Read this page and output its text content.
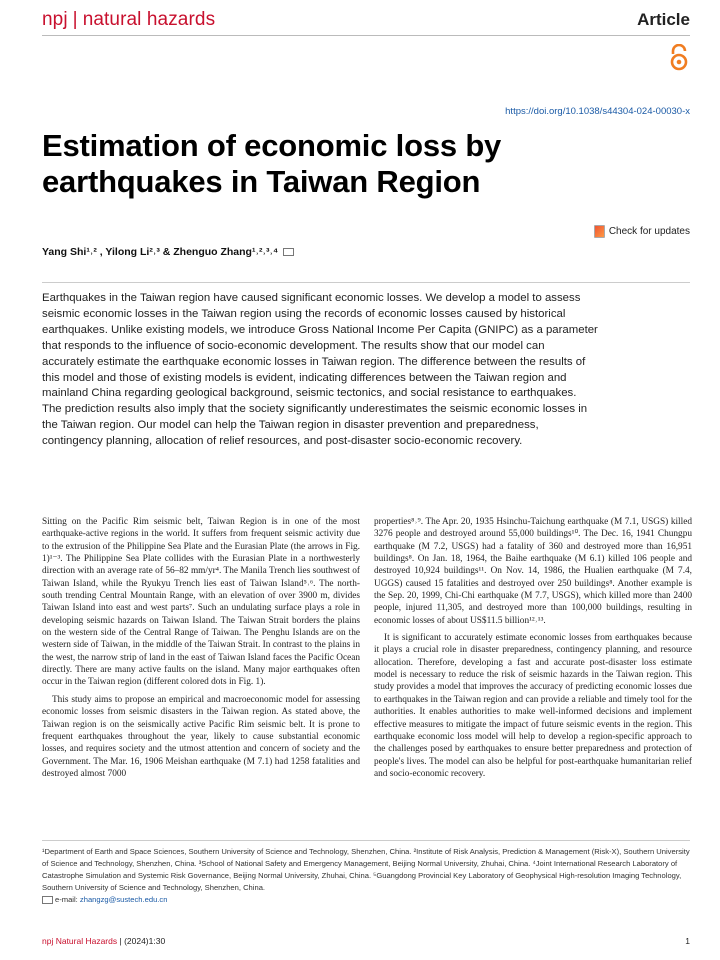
npj | natural hazards	Article
https://doi.org/10.1038/s44304-024-00030-x
Estimation of economic loss by earthquakes in Taiwan Region
Check for updates
Yang Shi¹˒² , Yilong Li²˒³ & Zhenguo Zhang¹˒²˒³˒⁴

Earthquakes in the Taiwan region have caused significant economic losses. We develop a model to assess seismic economic losses in the Taiwan region using the records of economic losses caused by historical earthquakes. Unlike existing models, we introduce Gross National Income Per Capita (GNIPC) as a parameter that responds to the influence of socio-economic development. The results show that our model can accurately estimate the earthquake economic losses in Taiwan region. The difference between the results of this model and those of existing models is evident, indicating differences between the Taiwan region and mainland China regarding geological background, seismic tectonics, and social resistance to earthquakes. The prediction results also imply that the society significantly underestimates the seismic economic losses in the Taiwan region. Our model can help the Taiwan region in disaster prevention and preparedness, contingency planning, allocation of relief resources, and post-disaster socio-economic recovery.

Sitting on the Pacific Rim seismic belt, Taiwan Region is in one of the most earthquake-active regions in the world. It suffers from frequent seismic activity due to the extrusion of the Philippine Sea Plate and the Eurasian Plate (the arrows in Fig. 1)¹⁻³. The Philippine Sea Plate collides with the Eurasian Plate in a northwesterly direction with an average rate of 56–82 mm/yr⁴. The Manila Trench lies southwest of Taiwan Island, while the Ryukyu Trench lies east of Taiwan Island⁵˒⁶. The north-south trending Central Mountain Range, with an elevation of over 3900 m, divides Taiwan Island into east and west parts⁷. Such an undulating surface plays a role in developing seismic hazards on Taiwan Island. The Taiwan Strait borders the plains on the western side of the Central Range of Taiwan. The Penghu Islands are on the western side of Taiwan, in the middle of the Taiwan Strait. In contrast to the plains in the west, the narrow strip of land in the east of Taiwan Island faces the Pacific Ocean directly. There are many active faults on the island. Many major earthquakes often occur in the Taiwan region (different colored dots in Fig. 1).

This study aims to propose an empirical and macroeconomic model for assessing economic losses from seismic disasters in the Taiwan region. As stated above, the Taiwan region is on the seismically active Pacific Rim seismic belt. It is prone to frequent earthquakes throughout the year, likely to cause substantial economic losses, and requires society and the utmost attention and concern of society and the Government. The Mar. 16, 1906 Meishan earthquake (M 7.1) had 1258 fatalities and destroyed almost 7000

properties⁸˒⁹. The Apr. 20, 1935 Hsinchu-Taichung earthquake (M 7.1, USGS) killed 3276 people and destroyed around 55,000 buildings¹⁰. The Dec. 16, 1941 Chungpu earthquake (M 7.2, USGS) had a fatality of 360 and destroyed more than 16,951 buildings⁸. On Jan. 18, 1964, the Baihe earthquake (M 6.1) killed 106 people and destroyed 10,924 buildings¹¹. On Nov. 14, 1986, the Hualien earthquake (M 7.4, UGGS) caused 15 fatalities and destroyed over 250 buildings⁸. Another example is the Sep. 20, 1999, Chi-Chi earthquake (M 7.7, USGS), which killed more than 2400 people, injured 11,305, and destroyed more than 100,000 buildings, resulting in economic losses of about US$11.5 billion¹²˒¹³.

It is significant to accurately estimate economic losses from earthquakes because it plays a crucial role in disaster preparedness, contingency planning, and resource allocation. Therefore, developing a fast and accurate post-disaster loss estimate model is necessary to reduce the risk of seismic hazards in the Taiwan region. This study provides a model that improves the accuracy of predicting economic losses due to earthquakes in the Taiwan region and can provide a reliable and timely tool for the authorities. It enables authorities to make well-informed decisions and implement effective measures to mitigate the impact of future seismic events in the region. This earthquake economic loss model will help to develop a region-specific approach to the challenges posed by earthquakes to ensure better preparedness and protection of people's lives. The model can also be helpful for post-earthquake humanitarian relief and socio-economic recovery.

¹Department of Earth and Space Sciences, Southern University of Science and Technology, Shenzhen, China. ²Institute of Risk Analysis, Prediction & Management (Risk-X), Southern University of Science and Technology, Shenzhen, China. ³School of National Safety and Emergency Management, Beijing Normal University, Zhuhai, China. ⁴Joint International Research Laboratory of Catastrophe Simulation and Systemic Risk Governance, Beijing Normal University, Zhuhai, China. ⁵Guangdong Provincial Key Laboratory of Geophysical High-resolution Imaging Technology, Southern University of Science and Technology, Shenzhen, China.
e-mail: zhangzg@sustech.edu.cn
npj Natural Hazards | (2024)1:30	1
